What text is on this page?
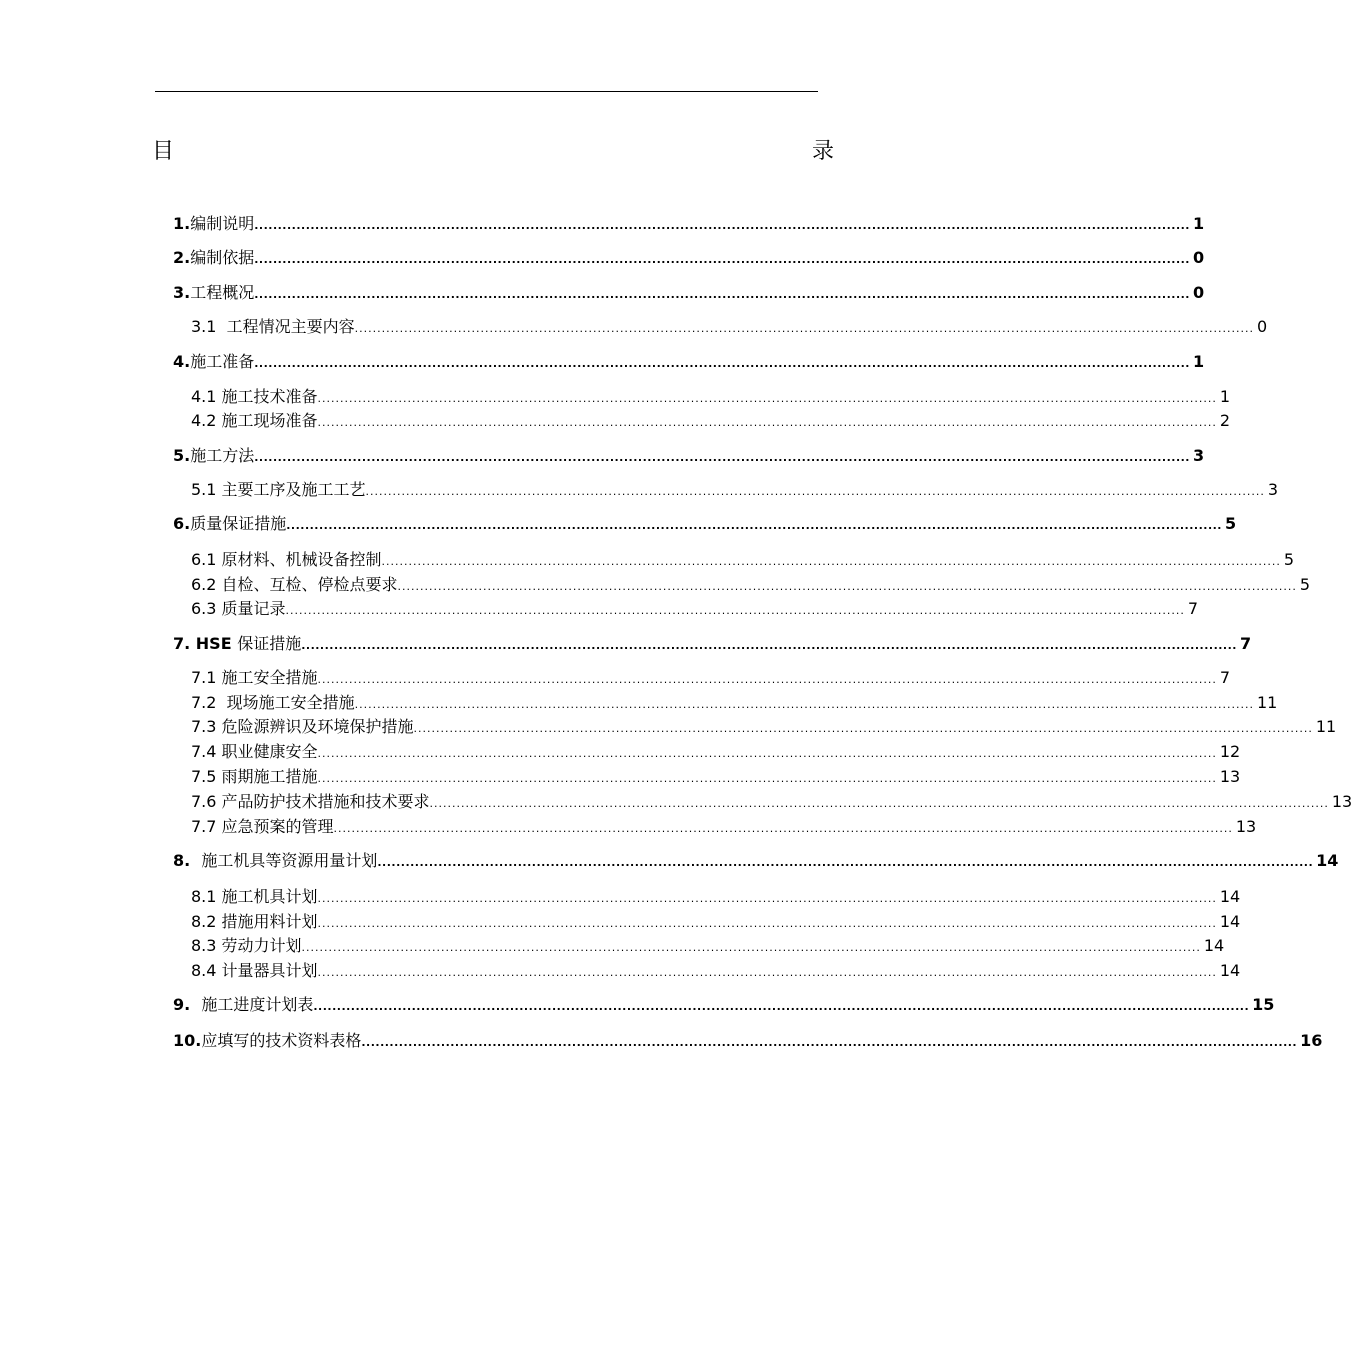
目	录
1. 编制说明 ........................................................................................................................................................................................................ 1
2. 编制依据 ........................................................................................................................................................................................................ 0
3. 工程概况 ........................................................................................................................................................................................................ 0
3.1 工程情况主要内容 ........................................................................................................................................................................................................ 0
4. 施工准备 ........................................................................................................................................................................................................ 1
4.1 施工技术准备 ........................................................................................................................................................................................................ 1
4.2 施工现场准备 ........................................................................................................................................................................................................ 2
5. 施工方法 ........................................................................................................................................................................................................ 3
5.1 主要工序及施工工艺 ........................................................................................................................................................................................................ 3
6. 质量保证措施 ........................................................................................................................................................................................................ 5
6.1 原材料、机械设备控制 ........................................................................................................................................................................................................ 5
6.2 自检、互检、停检点要求 ........................................................................................................................................................................................................ 5
6.3 质量记录 ........................................................................................................................................................................................................ 7
7. HSE 保证措施 ........................................................................................................................................................................................................ 7
7.1 施工安全措施 ........................................................................................................................................................................................................ 7
7.2 现场施工安全措施 ........................................................................................................................................................................................................ 11
7.3 危险源辨识及环境保护措施 ........................................................................................................................................................................................................ 11
7.4 职业健康安全 ........................................................................................................................................................................................................ 12
7.5 雨期施工措施 ........................................................................................................................................................................................................ 13
7.6 产品防护技术措施和技术要求 ........................................................................................................................................................................................................ 13
7.7 应急预案的管理 ........................................................................................................................................................................................................ 13
8. 施工机具等资源用量计划 ........................................................................................................................................................................................................ 14
8.1 施工机具计划 ........................................................................................................................................................................................................ 14
8.2 措施用料计划 ........................................................................................................................................................................................................ 14
8.3 劳动力计划 ........................................................................................................................................................................................................ 14
8.4 计量器具计划 ........................................................................................................................................................................................................ 14
9. 施工进度计划表 ........................................................................................................................................................................................................ 15
10. 应填写的技术资料表格 ........................................................................................................................................................................................................ 16
